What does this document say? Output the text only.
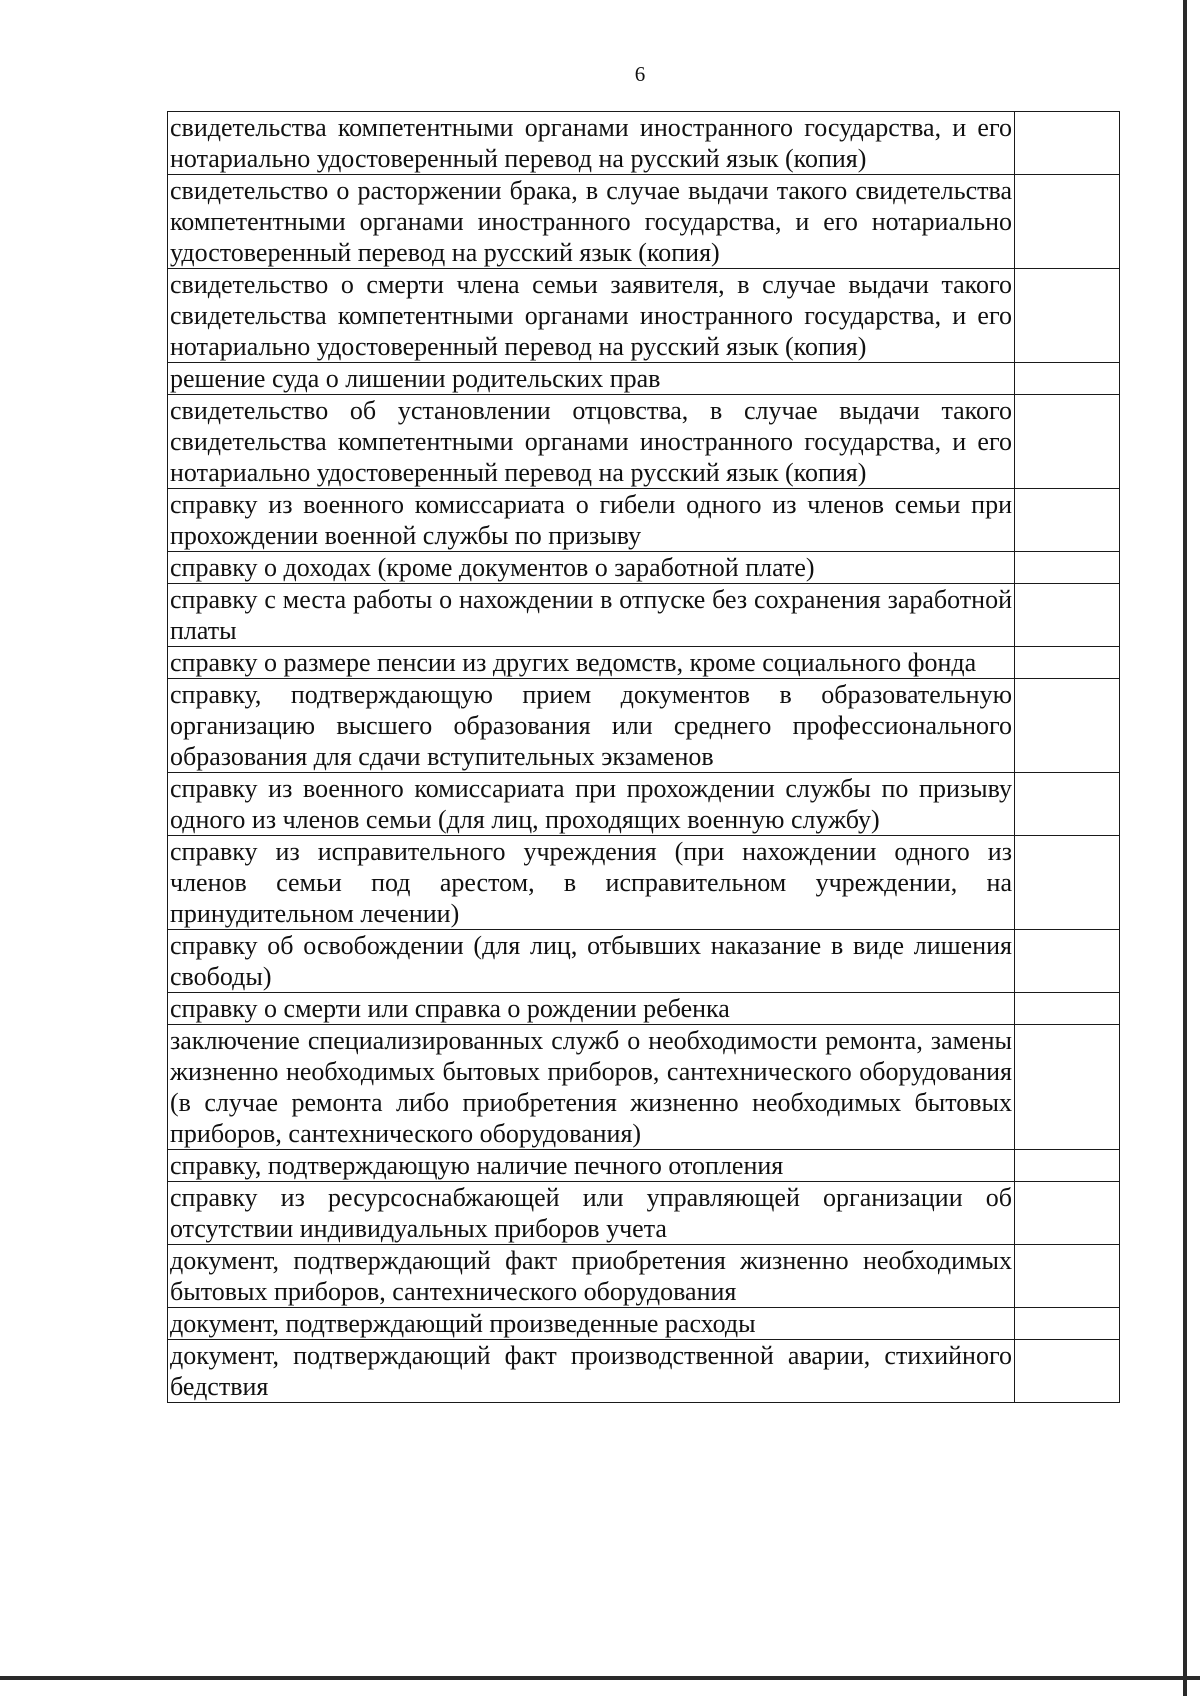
6
свидетельства компетентными органами иностранного государства, и его нотариально удостоверенный перевод на русский язык (копия)	
свидетельство о расторжении брака, в случае выдачи такого свидетельства компетентными органами иностранного государства, и его нотариально удостоверенный перевод на русский язык (копия)	
свидетельство о смерти члена семьи заявителя, в случае выдачи такого свидетельства компетентными органами иностранного государства, и его нотариально удостоверенный перевод на русский язык (копия)	
решение суда о лишении родительских прав	
свидетельство об установлении отцовства, в случае выдачи такого свидетельства компетентными органами иностранного государства, и его нотариально удостоверенный перевод на русский язык (копия)	
справку из военного комиссариата о гибели одного из членов семьи при прохождении военной службы по призыву	
справку о доходах (кроме документов о заработной плате)	
справку с места работы о нахождении в отпуске без сохранения заработной платы	
справку о размере пенсии из других ведомств, кроме социального фонда	
справку, подтверждающую прием документов в образовательную организацию высшего образования или среднего профессионального образования для сдачи вступительных экзаменов	
справку из военного комиссариата при прохождении службы по призыву одного из членов семьи (для лиц, проходящих военную службу)	
справку из исправительного учреждения (при нахождении одного из членов семьи под арестом, в исправительном учреждении, на принудительном лечении)	
справку об освобождении (для лиц, отбывших наказание в виде лишения свободы)	
справку о смерти или справка о рождении ребенка	
заключение специализированных служб о необходимости ремонта, замены жизненно необходимых бытовых приборов, сантехнического оборудования (в случае ремонта либо приобретения жизненно необходимых бытовых приборов, сантехнического оборудования)	
справку, подтверждающую наличие печного отопления	
справку из ресурсоснабжающей или управляющей организации об отсутствии индивидуальных приборов учета	
документ, подтверждающий факт приобретения жизненно необходимых бытовых приборов, сантехнического оборудования	
документ, подтверждающий произведенные расходы	
документ, подтверждающий факт производственной аварии, стихийного бедствия	
